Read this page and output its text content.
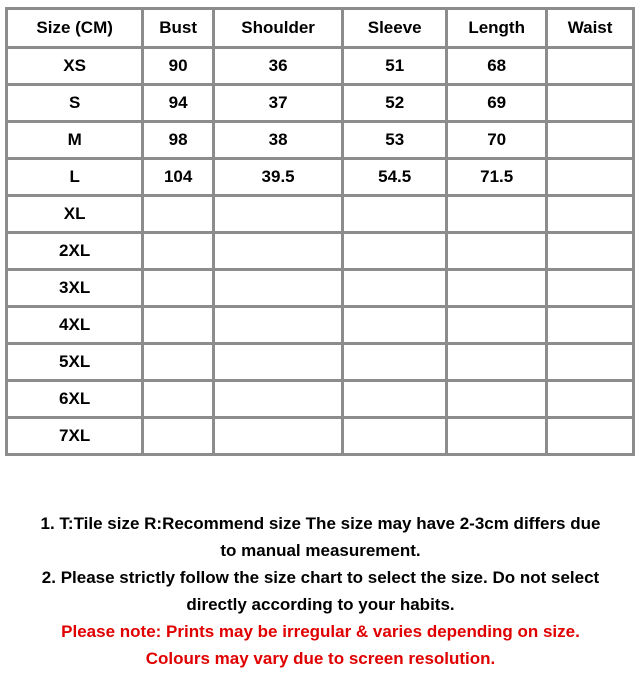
Size (CM)	Bust	Shoulder	Sleeve	Length	Waist
XS	90	36	51	68	
S	94	37	52	69	
M	98	38	53	70	
L	104	39.5	54.5	71.5	
XL					
2XL					
3XL					
4XL					
5XL					
6XL					
7XL					

1. T:Tile size R:Recommend size The size may have 2-3cm differs due

to manual measurement.

2. Please strictly follow the size chart to select the size. Do not select

directly according to your habits.

Please note: Prints may be irregular & varies depending on size.

Colours may vary due to screen resolution.
